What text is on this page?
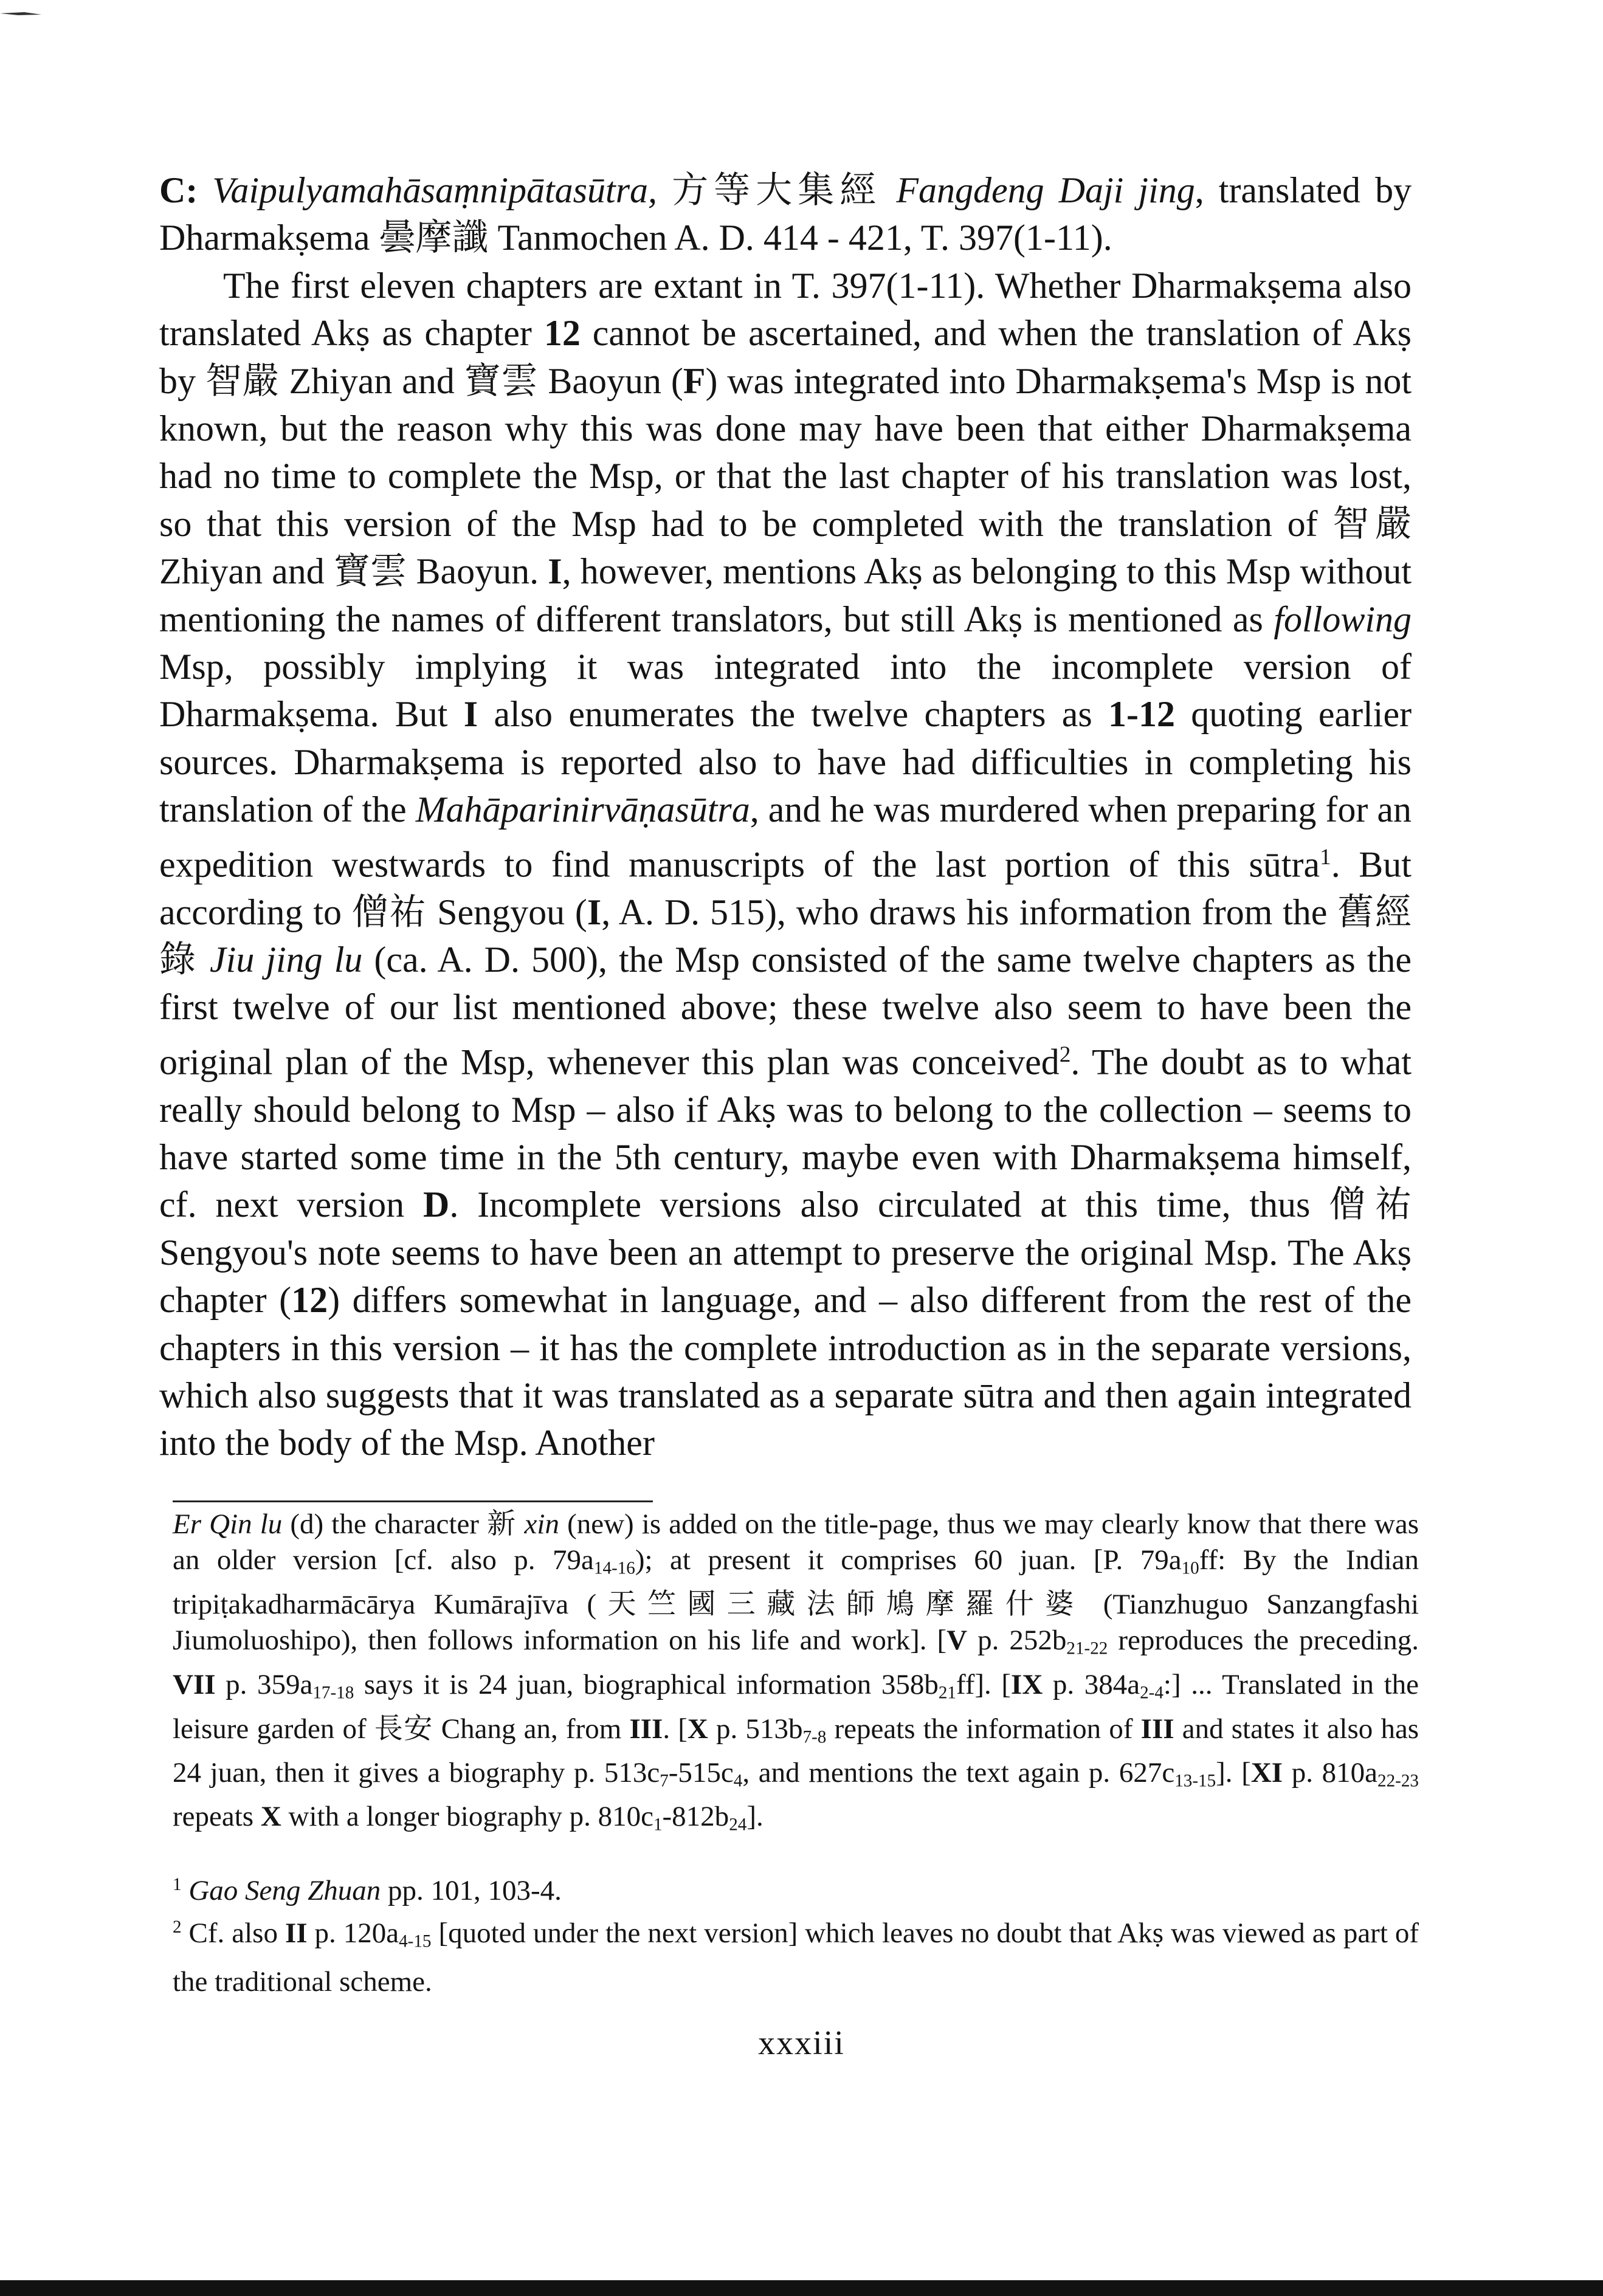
C: Vaipulyamahāsaṃnipātasūtra, 方等大集經 Fangdeng Daji jing, translated by Dharmakṣema 曇摩讖 Tanmochen A. D. 414 - 421, T. 397(1-11).

The first eleven chapters are extant in T. 397(1-11). Whether Dharmakṣema also translated Akṣ as chapter 12 cannot be ascertained, and when the translation of Akṣ by 智嚴 Zhiyan and 寶雲 Baoyun (F) was integrated into Dharmakṣema's Msp is not known, but the reason why this was done may have been that either Dharmakṣema had no time to complete the Msp, or that the last chapter of his translation was lost, so that this version of the Msp had to be completed with the translation of 智嚴 Zhiyan and 寶雲 Baoyun. I, however, mentions Akṣ as belonging to this Msp without mentioning the names of different translators, but still Akṣ is mentioned as following Msp, possibly implying it was integrated into the incomplete version of Dharmakṣema. But I also enumerates the twelve chapters as 1-12 quoting earlier sources. Dharmakṣema is reported also to have had difficulties in completing his translation of the Mahāparinirvāṇasūtra, and he was murdered when preparing for an expedition westwards to find manuscripts of the last portion of this sūtra$^1$. But according to 僧祐 Sengyou (I, A. D. 515), who draws his information from the 舊經錄 Jiu jing lu (ca. A. D. 500), the Msp consisted of the same twelve chapters as the first twelve of our list mentioned above; these twelve also seem to have been the original plan of the Msp, whenever this plan was conceived$^2$. The doubt as to what really should belong to Msp – also if Akṣ was to belong to the collection – seems to have started some time in the 5th century, maybe even with Dharmakṣema himself, cf. next version D. Incomplete versions also circulated at this time, thus 僧祐 Sengyou's note seems to have been an attempt to preserve the original Msp. The Akṣ chapter (12) differs somewhat in language, and – also different from the rest of the chapters in this version – it has the complete introduction as in the separate versions, which also suggests that it was translated as a separate sūtra and then again integrated into the body of the Msp. Another

Er Qin lu (d) the character 新 xin (new) is added on the title-page, thus we may clearly know that there was an older version [cf. also p. $79a_{14-16}$); at present it comprises 60 juan. [P. $79a_{10}ff$: By the Indian tripiṭakadharmācārya Kumārajīva (天竺國三藏法師鳩摩羅什婆 (Tianzhuguo Sanzangfashi Jiumoluoshipo), then follows information on his life and work]. [V p. $252b_{21-22}$ reproduces the preceding. VII p. $359a_{17-18}$ says it is 24 juan, biographical information $358b_{21}ff$]. [IX p. $384a_{2-4}$:] ... Translated in the leisure garden of 長安 Chang an, from III. [X p. $513b_{7-8}$ repeats the information of III and states it also has 24 juan, then it gives a biography p. $513c_7-515c_4$, and mentions the text again p. $627c_{13-15}$]. [XI p. $810a_{22-23}$ repeats X with a longer biography p. $810c_1-812b_{24}$].

$^1$ Gao Seng Zhuan pp. 101, 103-4.

$^2$ Cf. also II p. $120a_{4-15}$ [quoted under the next version] which leaves no doubt that Akṣ was viewed as part of the traditional scheme.

xxxiii
